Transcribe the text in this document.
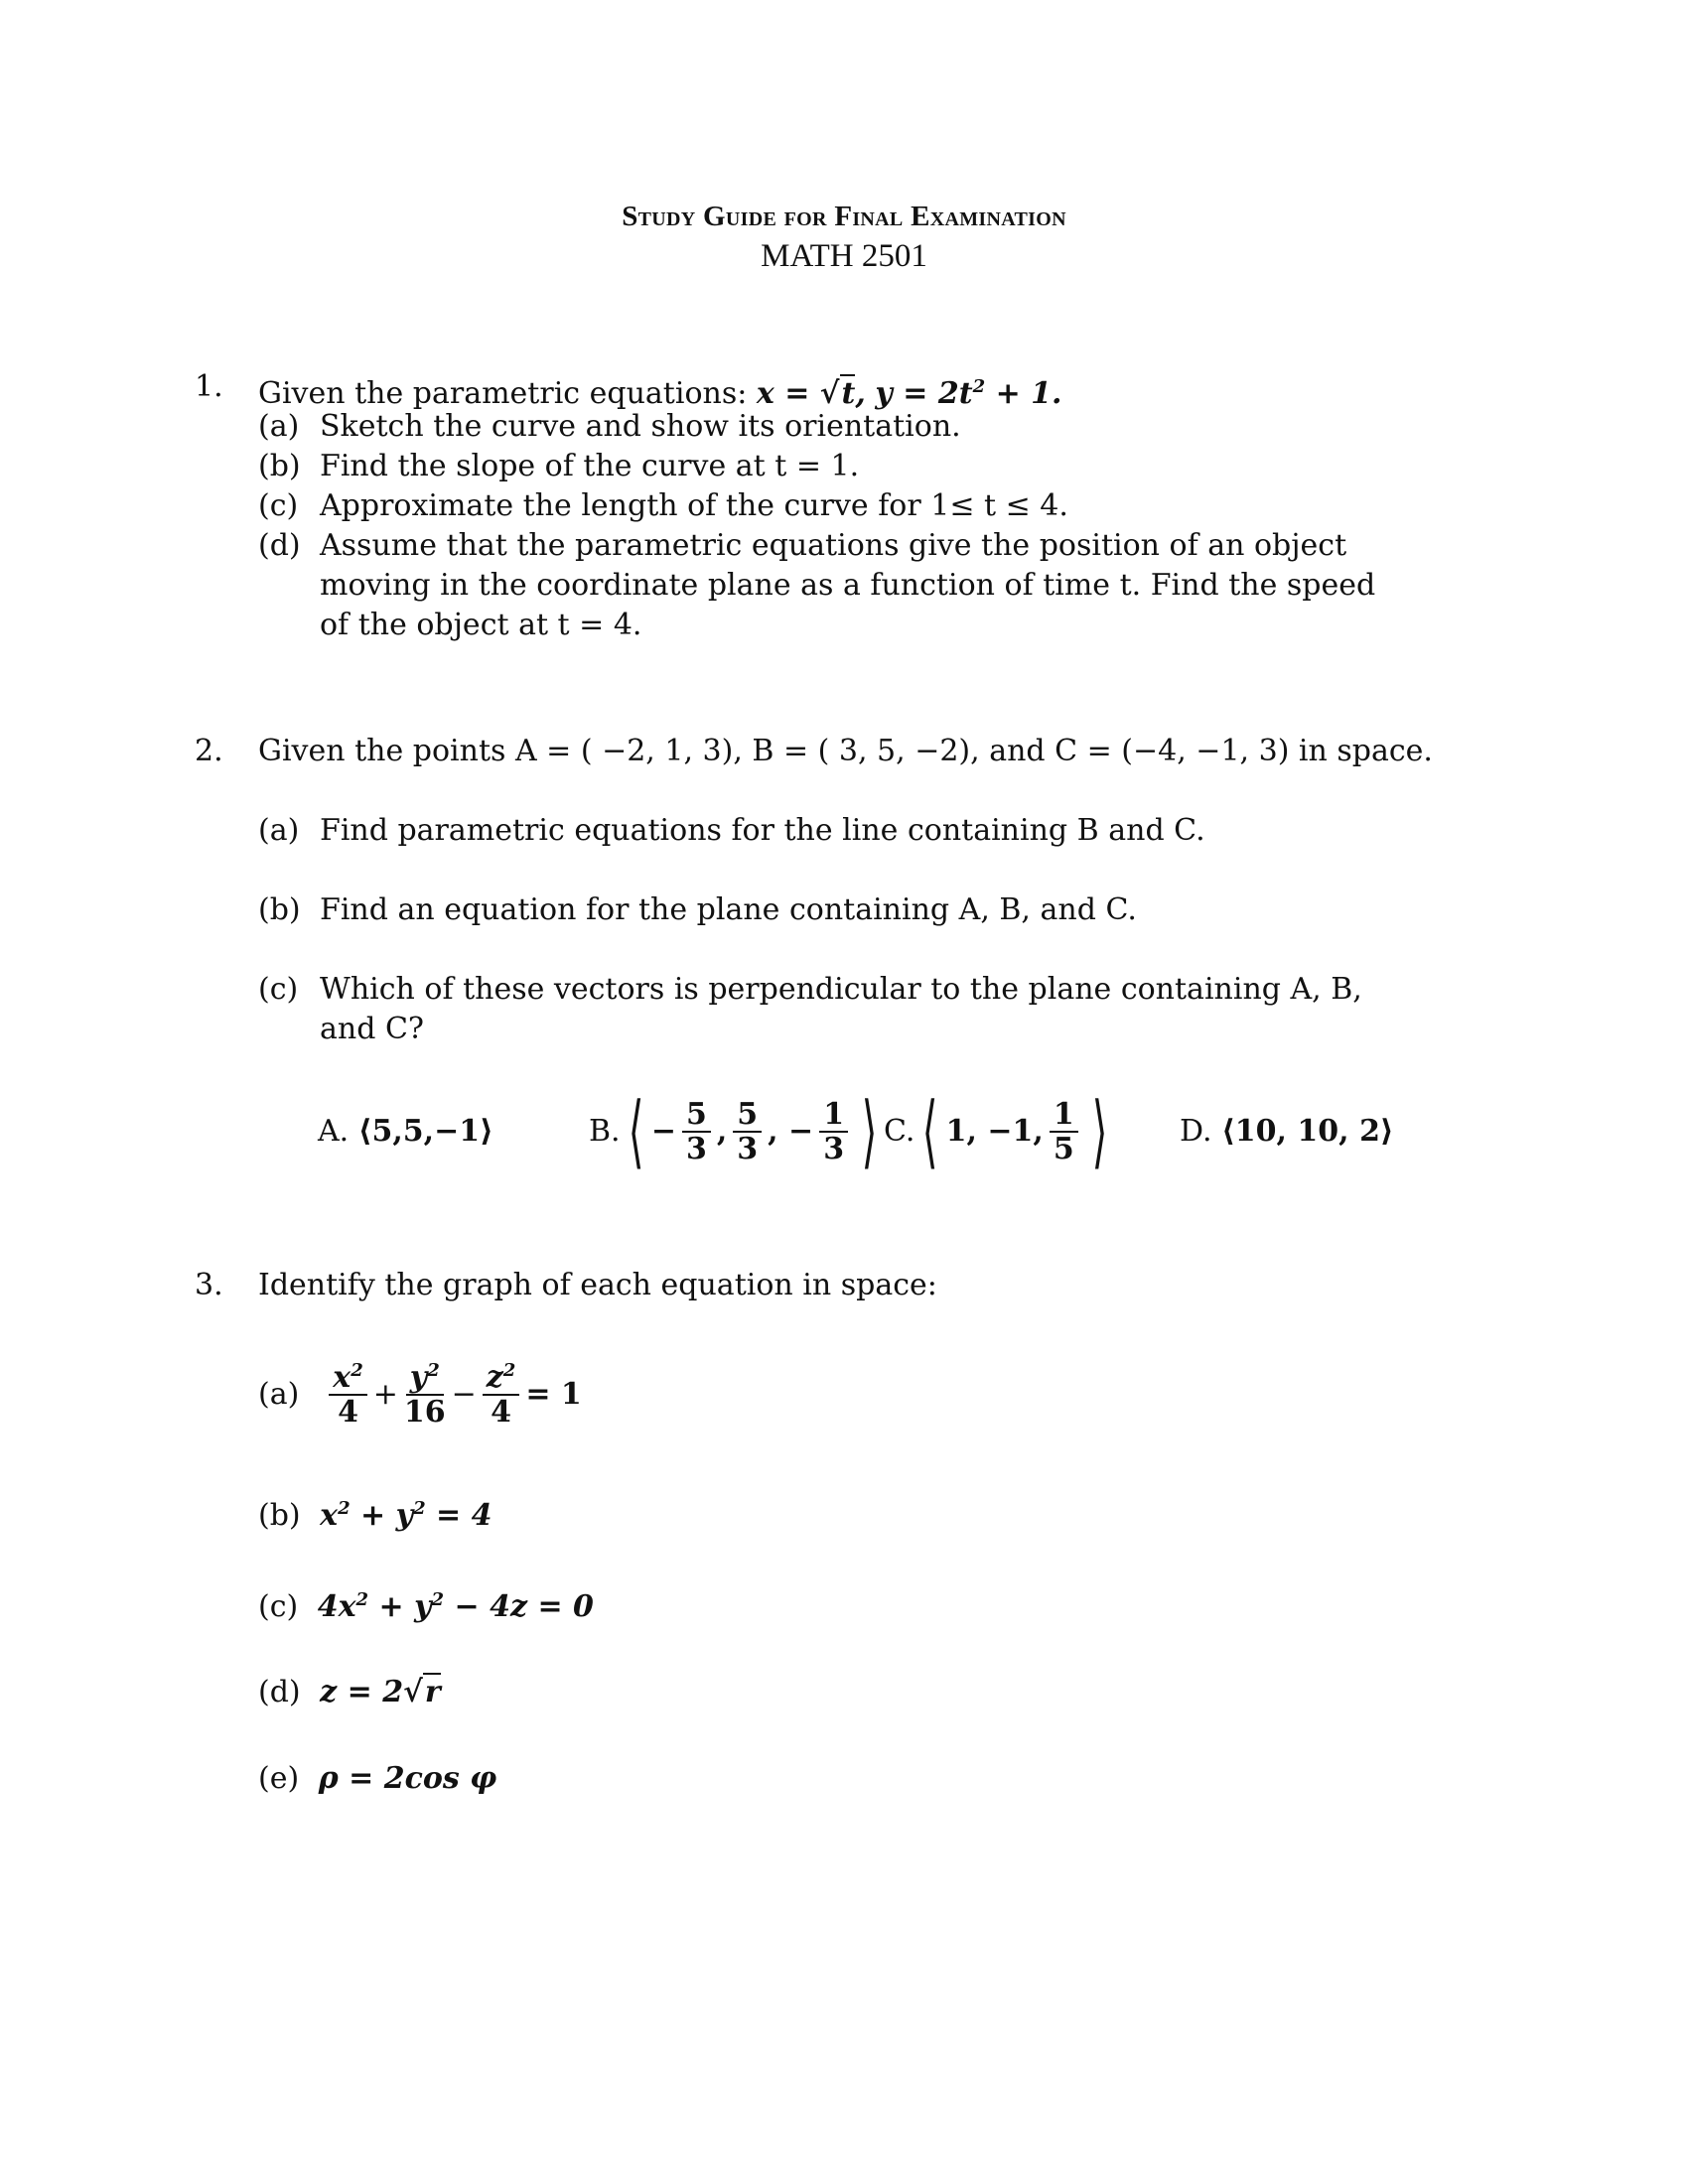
Study Guide for Final Examination
MATH 2501
1. Given the parametric equations: x = √t, $y = 2t^2 + 1$.
(a) Sketch the curve and show its orientation.
(b) Find the slope of the curve at t = 1.
(c) Approximate the length of the curve for 1≤ t ≤ 4.
(d) Assume that the parametric equations give the position of an object
moving in the coordinate plane as a function of time t. Find the speed
of the object at t = 4.
2. Given the points A = ( −2, 1, 3), B = ( 3, 5, −2), and C = (−4, −1, 3) in space.
(a) Find parametric equations for the line containing B and C.
(b) Find an equation for the plane containing A, B, and C.
(c) Which of these vectors is perpendicular to the plane containing A, B,
and C?
A. ⟨5,5,−1⟩	B. ⟨ − $\frac{5}{3}$ , $\frac{5}{3}$ , − $\frac{1}{3}$ ⟩ C. ⟨ 1, −1, $\frac{1}{5}$ ⟩ D. ⟨10, 10, 2⟩
3. Identify the graph of each equation in space:
$(a) \frac{x^2}{4} + \frac{y^2}{16} - \frac{z^2}{4} = 1$
(b) $x^2 + y^2 = 4$
(c) $4x^2 + y^2 - 4z = 0$
(d) z = 2√r
(e) ρ = 2cos φ
